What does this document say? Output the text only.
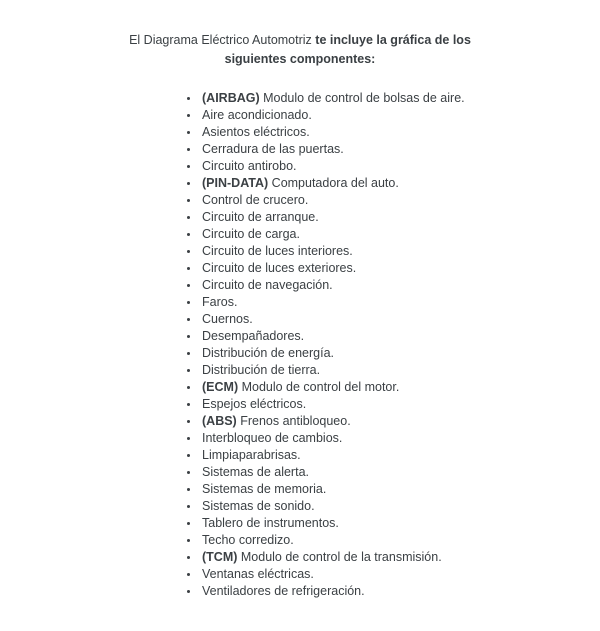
El Diagrama Eléctrico Automotriz te incluye la gráfica de los siguientes componentes:

• (AIRBAG) Modulo de control de bolsas de aire.
• Aire acondicionado.
• Asientos eléctricos.
• Cerradura de las puertas.
• Circuito antirobo.
• (PIN-DATA) Computadora del auto.
• Control de crucero.
• Circuito de arranque.
• Circuito de carga.
• Circuito de luces interiores.
• Circuito de luces exteriores.
• Circuito de navegación.
• Faros.
• Cuernos.
• Desempañadores.
• Distribución de energía.
• Distribución de tierra.
• (ECM) Modulo de control del motor.
• Espejos eléctricos.
• (ABS) Frenos antibloqueo.
• Interbloqueo de cambios.
• Limpiaparabrisas.
• Sistemas de alerta.
• Sistemas de memoria.
• Sistemas de sonido.
• Tablero de instrumentos.
• Techo corredizo.
• (TCM) Modulo de control de la transmisión.
• Ventanas eléctricas.
• Ventiladores de refrigeración.
